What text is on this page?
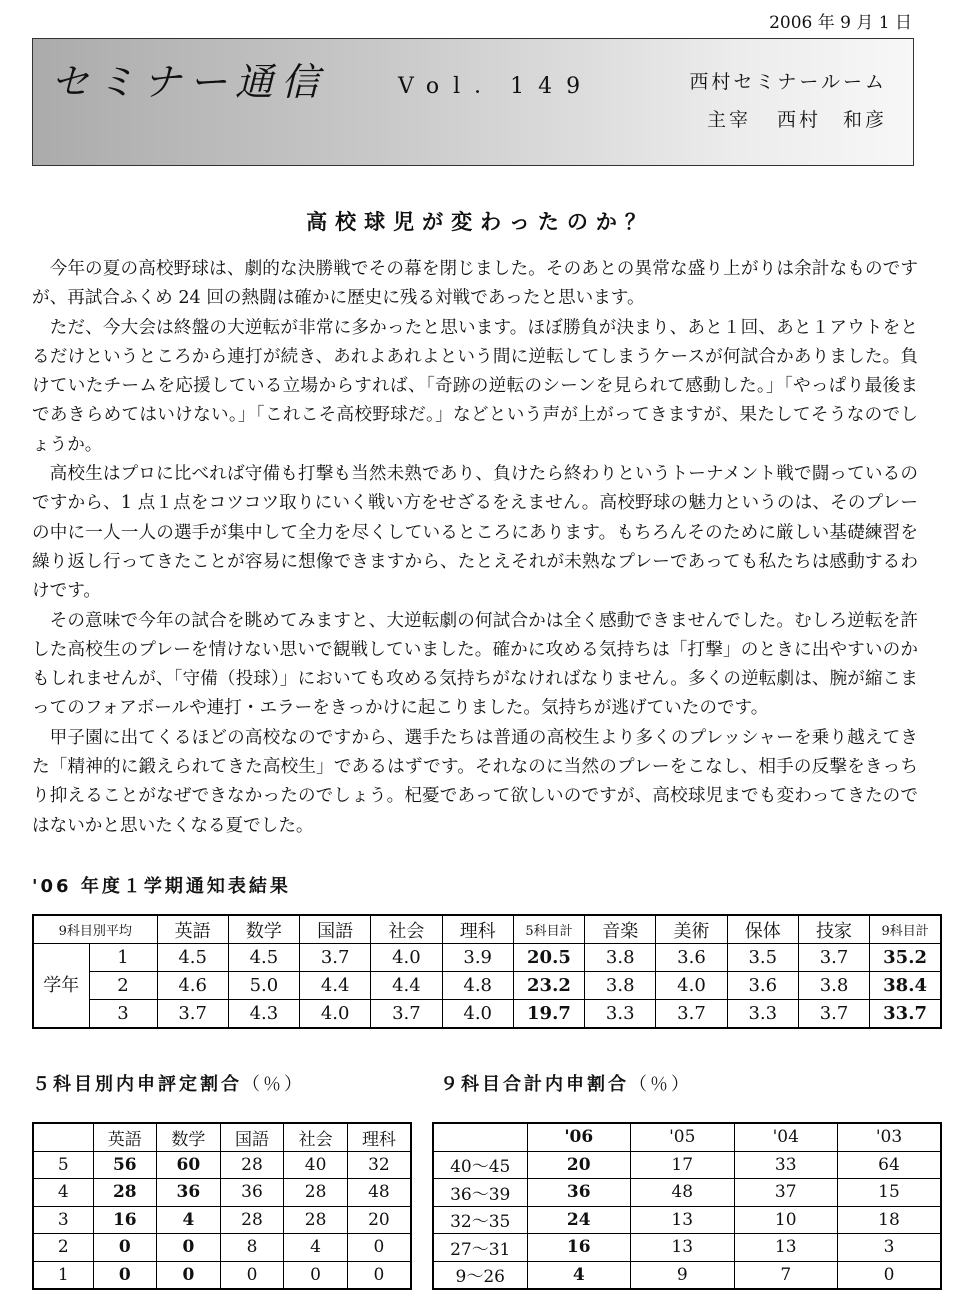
2006 年 9 月 1 日
セミナー通信	Vol．149	西村セミナールーム
主宰 西村　和彦
高校球児が変わったのか？

今年の夏の高校野球は、劇的な決勝戦でその幕を閉じました。そのあとの異常な盛り上がりは余計なものですが、再試合ふくめ 24 回の熱闘は確かに歴史に残る対戦であったと思います。

ただ、今大会は終盤の大逆転が非常に多かったと思います。ほぼ勝負が決まり、あと１回、あと１アウトをとるだけというところから連打が続き、あれよあれよという間に逆転してしまうケースが何試合かありました。負けていたチームを応援している立場からすれば、「奇跡の逆転のシーンを見られて感動した。」「やっぱり最後まであきらめてはいけない。」「これこそ高校野球だ。」などという声が上がってきますが、果たしてそうなのでしょうか。

高校生はプロに比べれば守備も打撃も当然未熟であり、負けたら終わりというトーナメント戦で闘っているのですから、1 点１点をコツコツ取りにいく戦い方をせざるをえません。高校野球の魅力というのは、そのプレーの中に一人一人の選手が集中して全力を尽くしているところにあります。もちろんそのために厳しい基礎練習を繰り返し行ってきたことが容易に想像できますから、たとえそれが未熟なプレーであっても私たちは感動するわけです。

その意味で今年の試合を眺めてみますと、大逆転劇の何試合かは全く感動できませんでした。むしろ逆転を許した高校生のプレーを情けない思いで観戦していました。確かに攻める気持ちは「打撃」のときに出やすいのかもしれませんが、「守備（投球）」においても攻める気持ちがなければなりません。多くの逆転劇は、腕が縮こまってのフォアボールや連打・エラーをきっかけに起こりました。気持ちが逃げていたのです。

甲子園に出てくるほどの高校なのですから、選手たちは普通の高校生より多くのプレッシャーを乗り越えてきた「精神的に鍛えられてきた高校生」であるはずです。それなのに当然のプレーをこなし、相手の反撃をきっちり抑えることがなぜできなかったのでしょう。杞憂であって欲しいのですが、高校球児までも変わってきたのではないかと思いたくなる夏でした。

'06 年度１学期通知表結果
9科目別平均		英語	数学	国語	社会	理科	5科目計	音楽	美術	保体	技家	9科目計
学年	1	4.5	4.5	3.7	4.0	3.9	20.5	3.8	3.6	3.5	3.7	35.2
	2	4.6	5.0	4.4	4.4	4.8	23.2	3.8	4.0	3.6	3.8	38.4
	3	3.7	4.3	4.0	3.7	4.0	19.7	3.3	3.7	3.3	3.7	33.7
５科目別内申評定割合（％）	９科目合計内申割合（％）
	英語	数学	国語	社会	理科
5	56	60	28	40	32
4	28	36	36	28	48
3	16	4	28	28	20
2	0	0	8	4	0
1	0	0	0	0	0
	'06	'05	'04	'03
40～45	20	17	33	64
36～39	36	48	37	15
32～35	24	13	10	18
27～31	16	13	13	3
9～26	4	9	7	0
